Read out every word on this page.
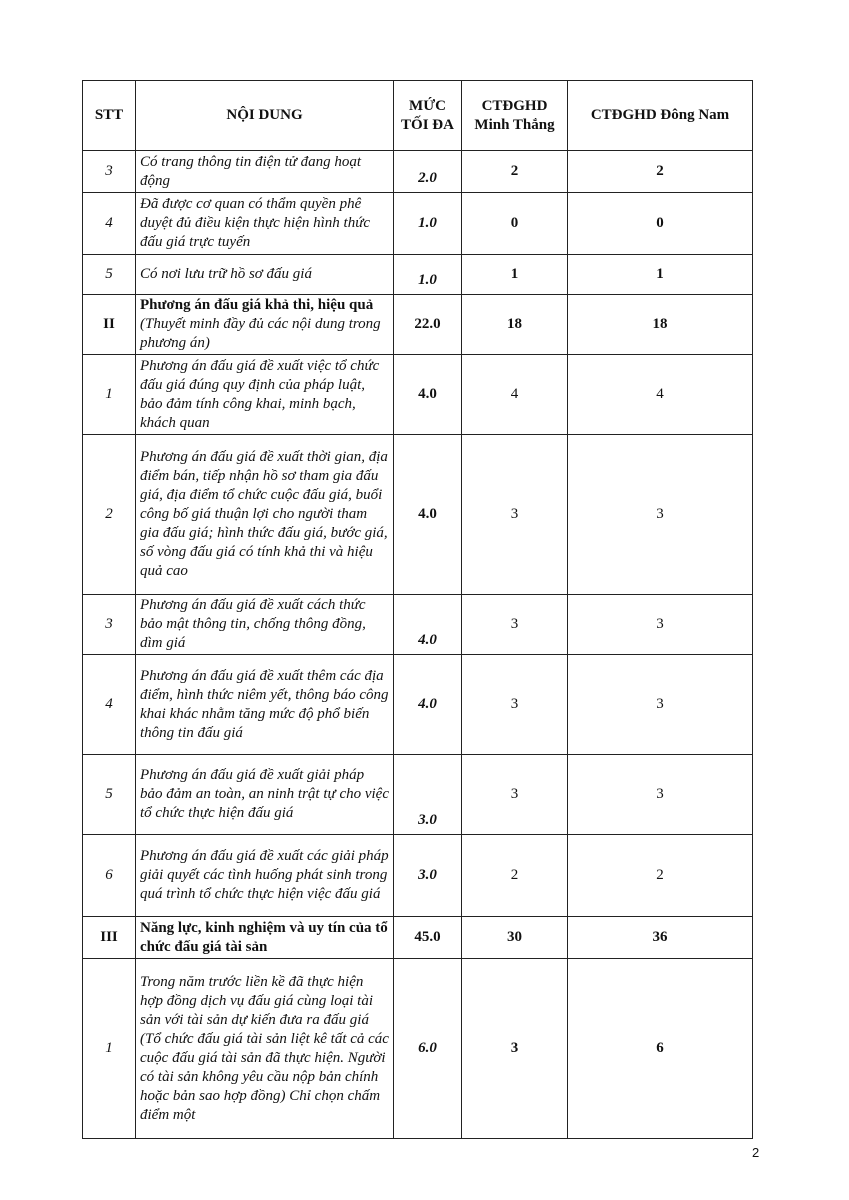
STT	NỘI DUNG	MỨC TỐI ĐA	CTĐGHD Minh Thắng	CTĐGHD Đông Nam
3	Có trang thông tin điện tử đang hoạt động	2.0	2	2
4	Đã được cơ quan có thẩm quyền phê duyệt đủ điều kiện thực hiện hình thức đấu giá trực tuyến	1.0	0	0
5	Có nơi lưu trữ hồ sơ đấu giá	1.0	1	1
II	Phương án đấu giá khả thi, hiệu quả (Thuyết minh đầy đủ các nội dung trong phương án)	22.0	18	18
1	Phương án đấu giá đề xuất việc tổ chức đấu giá đúng quy định của pháp luật, bảo đảm tính công khai, minh bạch, khách quan	4.0	4	4
2	Phương án đấu giá đề xuất thời gian, địa điểm bán, tiếp nhận hồ sơ tham gia đấu giá, địa điểm tổ chức cuộc đấu giá, buổi công bố giá thuận lợi cho người tham gia đấu giá; hình thức đấu giá, bước giá, số vòng đấu giá có tính khả thi và hiệu quả cao	4.0	3	3
3	Phương án đấu giá đề xuất cách thức bảo mật thông tin, chống thông đồng, dìm giá	4.0	3	3
4	Phương án đấu giá đề xuất thêm các địa điểm, hình thức niêm yết, thông báo công khai khác nhằm tăng mức độ phổ biến thông tin đấu giá	4.0	3	3
5	Phương án đấu giá đề xuất giải pháp bảo đảm an toàn, an ninh trật tự cho việc tổ chức thực hiện đấu giá	3.0	3	3
6	Phương án đấu giá đề xuất các giải pháp giải quyết các tình huống phát sinh trong quá trình tổ chức thực hiện việc đấu giá	3.0	2	2
III	Năng lực, kinh nghiệm và uy tín của tổ chức đấu giá tài sản	45.0	30	36
1	Trong năm trước liền kề đã thực hiện hợp đồng dịch vụ đấu giá cùng loại tài sản với tài sản dự kiến đưa ra đấu giá (Tổ chức đấu giá tài sản liệt kê tất cả các cuộc đấu giá tài sản đã thực hiện. Người có tài sản không yêu cầu nộp bản chính hoặc bản sao hợp đồng) Chỉ chọn chấm điểm một	6.0	3	6
2
